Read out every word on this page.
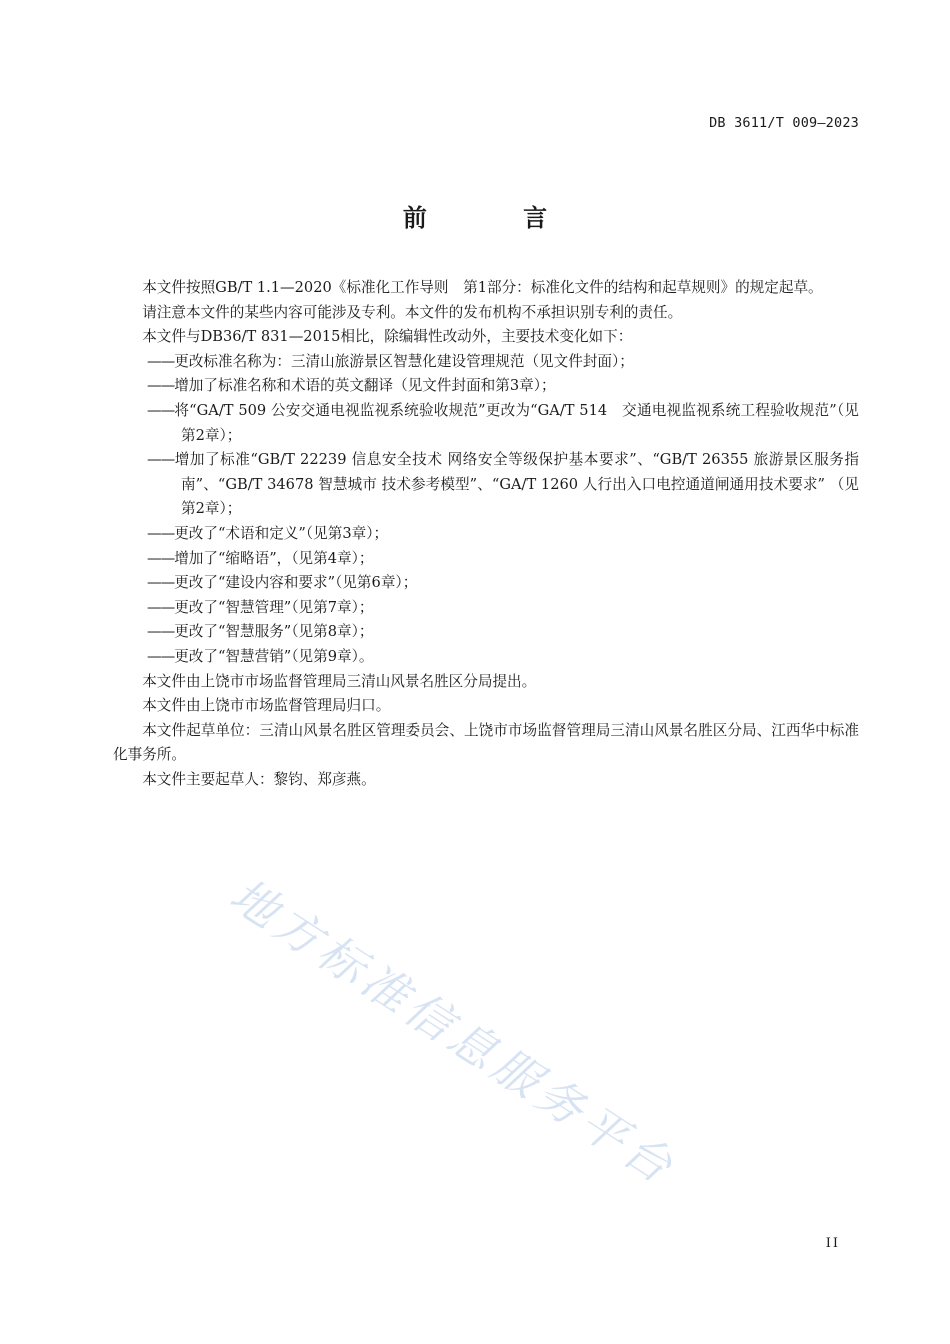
DB 3611/T 009—2023
前 言

本文件按照GB/T 1.1—2020《标准化工作导则　第1部分：标准化文件的结构和起草规则》的规定起草。

请注意本文件的某些内容可能涉及专利。本文件的发布机构不承担识别专利的责任。

本文件与DB36/T 831—2015相比，除编辑性改动外，主要技术变化如下：

——更改标准名称为：三清山旅游景区智慧化建设管理规范（见文件封面）；

——增加了标准名称和术语的英文翻译（见文件封面和第3章）；

——将“GA/T 509 公安交通电视监视系统验收规范”更改为“GA/T 514　交通电视监视系统工程验收规范”（见第2章）；

——增加了标准“GB/T 22239 信息安全技术 网络安全等级保护基本要求”、“GB/T 26355 旅游景区服务指南”、“GB/T 34678 智慧城市 技术参考模型”、“GA/T 1260 人行出入口电控通道闸通用技术要求” （见第2章）；

——更改了“术语和定义”（见第3章）；

——增加了“缩略语”，（见第4章）；

——更改了“建设内容和要求”（见第6章）；

——更改了“智慧管理”（见第7章）；

——更改了“智慧服务”（见第8章）；

——更改了“智慧营销”（见第9章）。

本文件由上饶市市场监督管理局三清山风景名胜区分局提出。

本文件由上饶市市场监督管理局归口。

本文件起草单位：三清山风景名胜区管理委员会、上饶市市场监督管理局三清山风景名胜区分局、江西华中标准化事务所。

本文件主要起草人：黎钧、郑彦燕。

地方标准信息服务平台
II
